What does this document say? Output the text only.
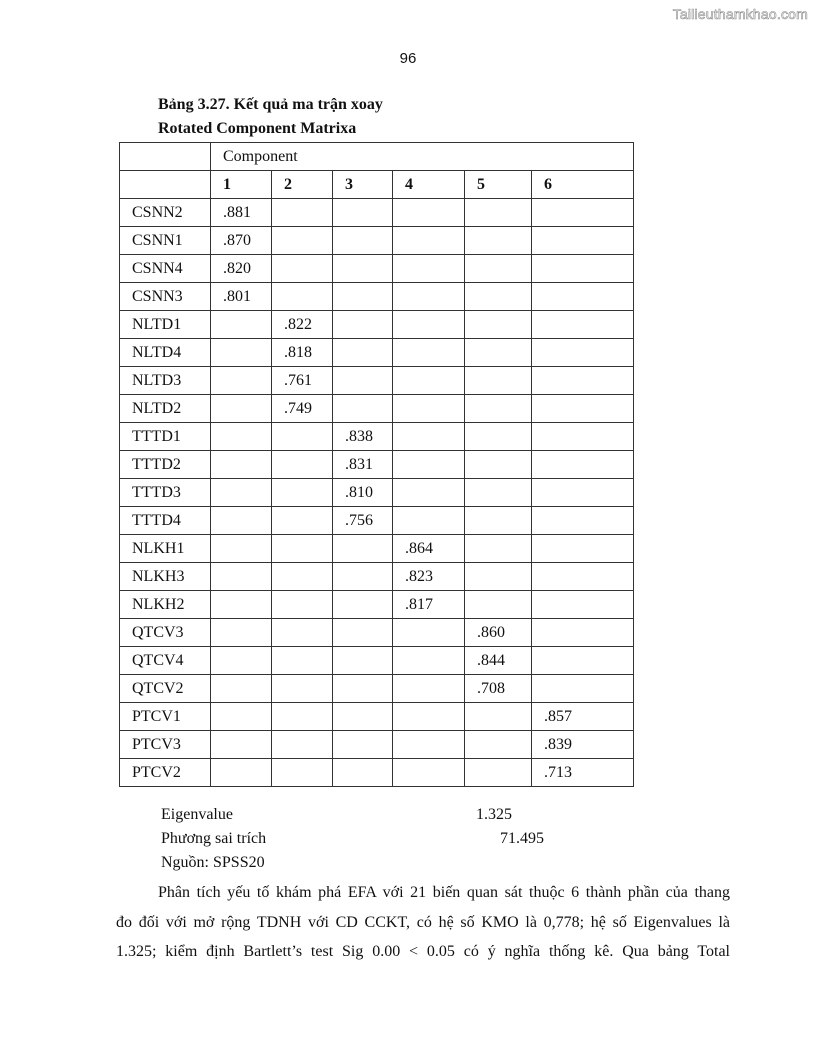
Tailieuthamkhao.com
96
Bảng 3.27. Kết quả ma trận xoay
Rotated Component Matrixa
	Component					
	1	2	3	4	5	6
CSNN2	.881					
CSNN1	.870					
CSNN4	.820					
CSNN3	.801					
NLTD1		.822				
NLTD4		.818				
NLTD3		.761				
NLTD2		.749				
TTTD1			.838			
TTTD2			.831			
TTTD3			.810			
TTTD4			.756			
NLKH1				.864		
NLKH3				.823		
NLKH2				.817		
QTCV3					.860	
QTCV4					.844	
QTCV2					.708	
PTCV1						.857
PTCV3						.839
PTCV2						.713
Eigenvalue	1.325
Phương sai trích	71.495
Nguồn: SPSS20
Phân tích yếu tố khám phá EFA với 21 biến quan sát thuộc 6 thành phần của thang
đo đối với mở rộng TDNH với CD CCKT, có hệ số KMO là 0,778; hệ số Eigenvalues là
1.325; kiểm định Bartlett’s test Sig 0.00 < 0.05 có ý nghĩa thống kê. Qua bảng Total
